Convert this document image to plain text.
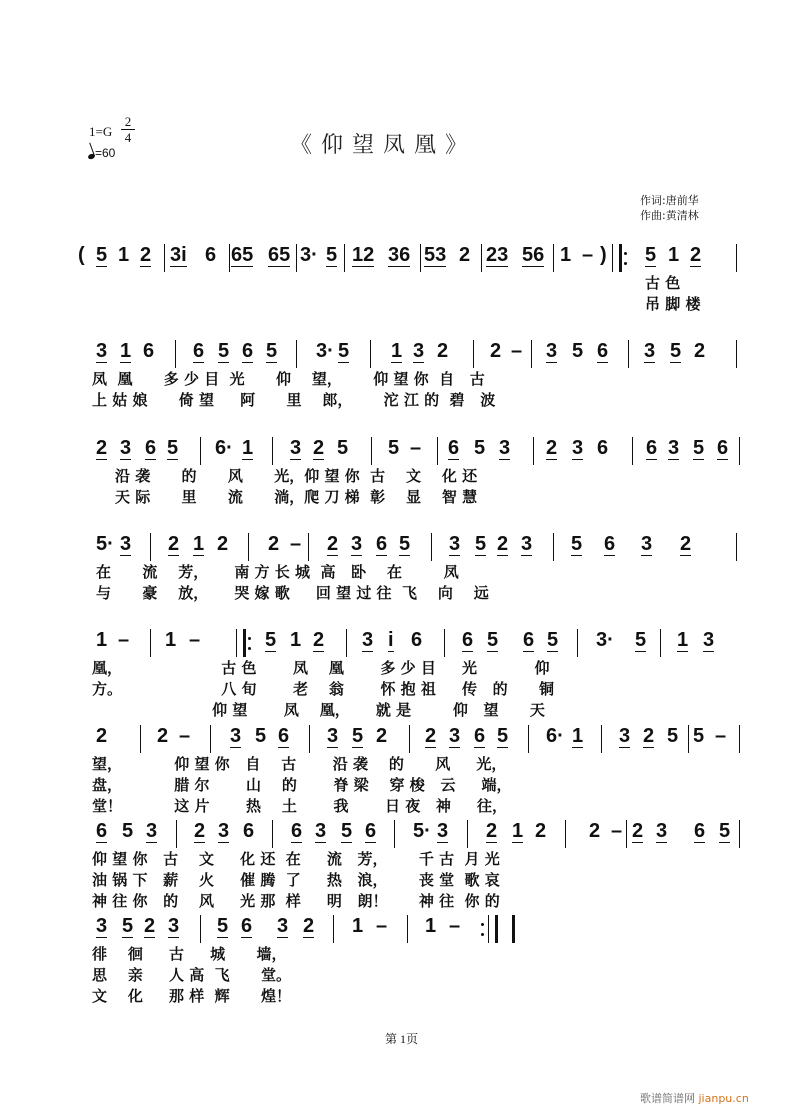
1=G
2
4
=60	《仰望凤凰》
作词:唐前华
作曲:黄清林
( 5 1 2 3i 6 65 65 3· 5 12 36 53 2 23 56 1 – ) 5 1 2
古 色
吊 脚 楼
3 1 6 6 5 6 5 3· 5 1 3 2 2 – 3 5 6 3 5 2
凤  凰      多 少 目  光      仰    望，      仰 望 你  自   古
上 姑 娘      倚 望     阿      里    郎，      沱 江 的  碧   波
2 3 6 5 6· 1 3 2 5 5 – 6 5 3 2 3 6 6 3 5 6
沿 袭      的      风      光，仰 望 你  古    文    化 还
天 际      里      流      淌，爬 刀 梯  彰    显    智 慧
5· 3 2 1 2 2 – 2 3 6 5 3 5 2 3 5 6 3 2
在      流    芳，     南 方 长 城  高   卧    在        凤
与      豪    放，     哭 嫁 歌     回 望 过 往  飞    向    远
1 – 1 –	5 1 2 3 i 6 6 5 6 5 3· 5 1 3
凰，                   古 色       凤    凰       多 少 目     光           仰
方。                   八 旬       老    翁       怀 抱 祖     传   的      铜
仰 望       凤    凰，     就 是        仰   望      天
2 2 – 3 5 6 3 5 2 2 3 6 5 6· 1 3 2 5 5 –
望，          仰 望 你   自    古       沿 袭    的      风     光，
盘，          腊 尔       山    的       脊 梁    穿 梭   云     端，
堂！          这 片       热    土       我       日 夜   神     往，
6 5 3 2 3 6 6 3 5 6 5· 3 2 1 2 2 – 2 3 6 5
仰 望 你   古    文     化 还  在     流   芳，      千 古  月 光
油 锅 下   薪    火     催 腾  了     热   浪，      丧 堂  歌 哀
神 往 你   的    风     光 那  样     明   朗！      神 往  你 的
3 5 2 3 5 6 3 2 1 – 1 –
徘    徊     古     城      墙，
思    亲     人 高  飞      堂。
文    化     那 样  辉      煌！
第 1页
歌谱简谱网 jianpu.cn
